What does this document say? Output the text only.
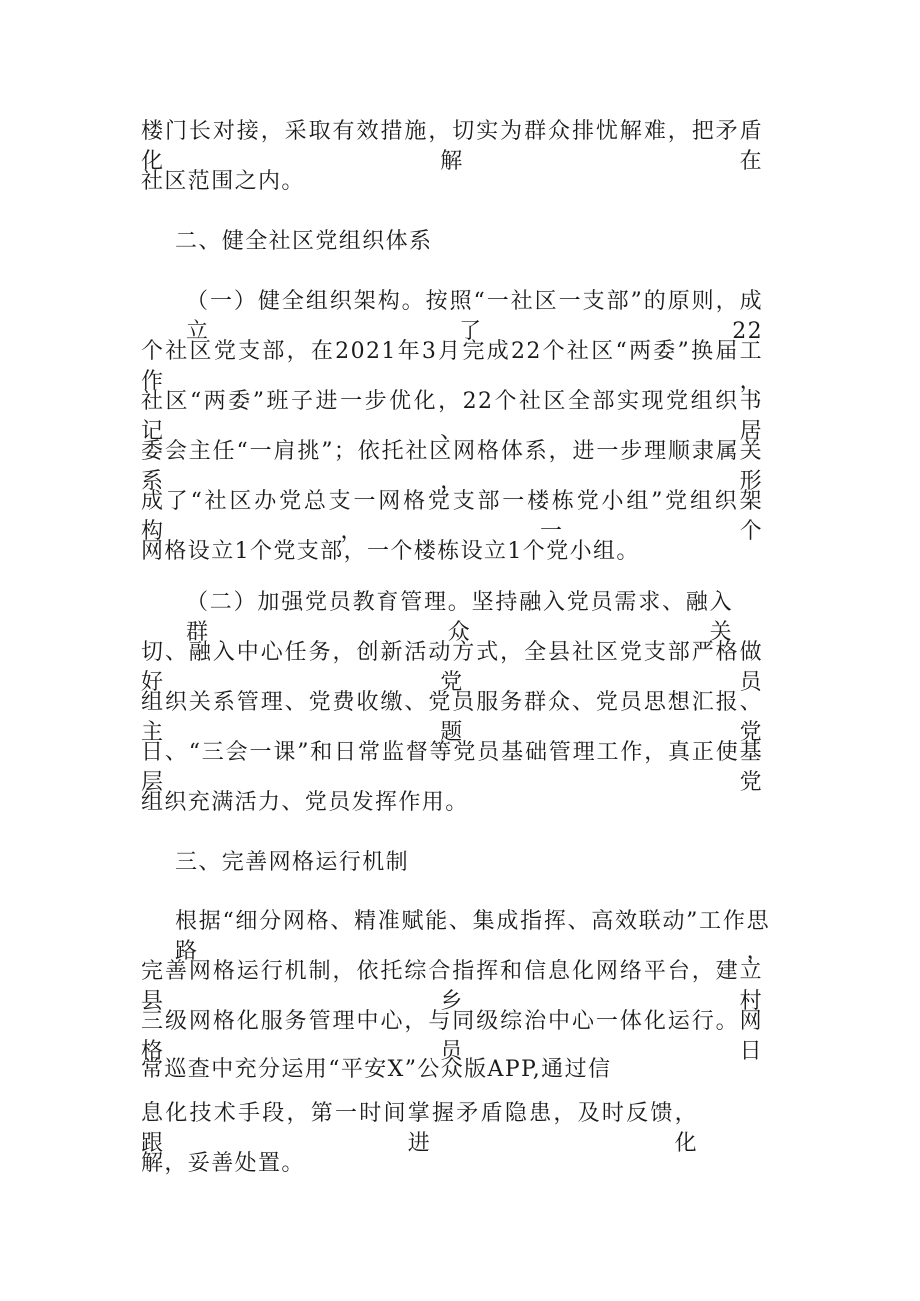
楼门长对接，采取有效措施，切实为群众排忧解难，把矛盾化解在
社区范围之内。
二、健全社区党组织体系
（一）健全组织架构。按照“一社区一支部”的原则，成立了22
个社区党支部，在2021年3月完成22个社区“两委”换届工作，
社区“两委”班子进一步优化，22个社区全部实现党组织书记、居
委会主任“一肩挑”；依托社区网格体系，进一步理顺隶属关系，形
成了“社区办党总支一网格党支部一楼栋党小组”党组织架构，一个
网格设立1个党支部，一个楼栋设立1个党小组。
（二）加强党员教育管理。坚持融入党员需求、融入群众关
切、融入中心任务，创新活动方式，全县社区党支部严格做好党员
组织关系管理、党费收缴、党员服务群众、党员思想汇报、主题党
日、“三会一课”和日常监督等党员基础管理工作，真正使基层党
组织充满活力、党员发挥作用。
三、完善网格运行机制
根据“细分网格、精准赋能、集成指挥、高效联动”工作思路，
完善网格运行机制，依托综合指挥和信息化网络平台，建立县乡村
三级网格化服务管理中心，与同级综治中心一体化运行。网格员日
常巡查中充分运用“平安X”公众版APP,通过信
息化技术手段，第一时间掌握矛盾隐患，及时反馈，跟进化
解，妥善处置。
